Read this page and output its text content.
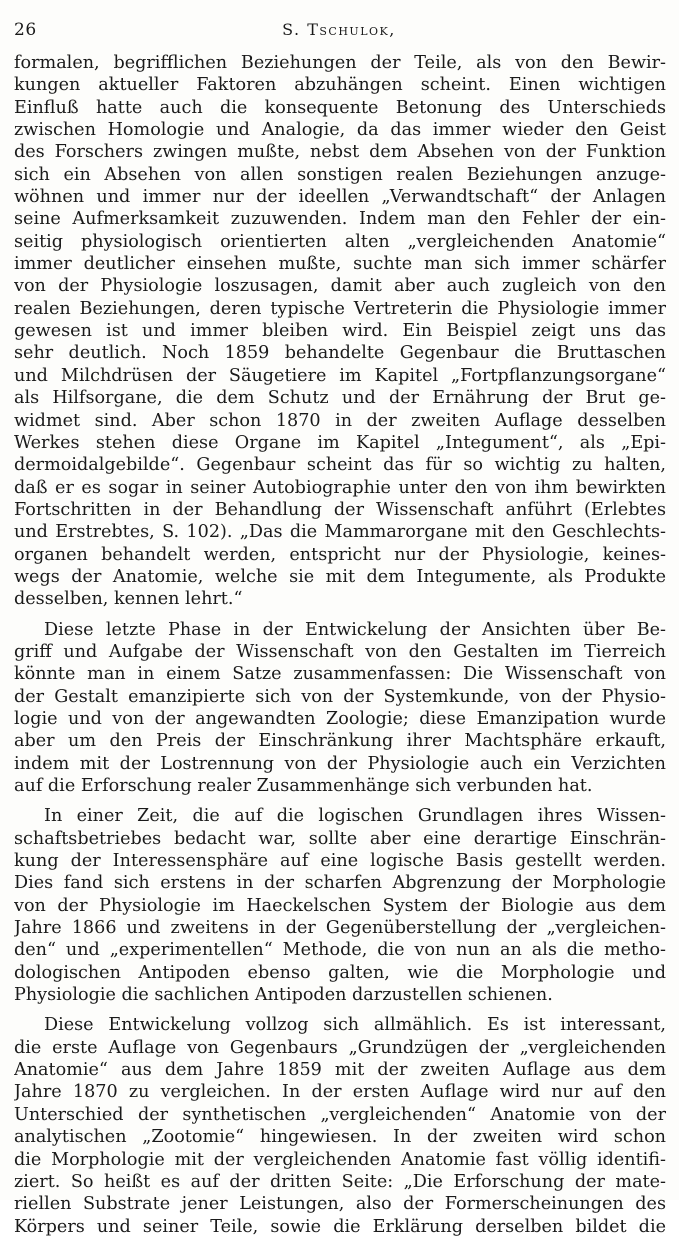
26	S. Tschulok,
formalen, begrifflichen Beziehungen der Teile, als von den Bewir-
kungen aktueller Faktoren abzuhängen scheint. Einen wichtigen
Einfluß hatte auch die konsequente Betonung des Unterschieds
zwischen Homologie und Analogie, da das immer wieder den Geist
des Forschers zwingen mußte, nebst dem Absehen von der Funktion
sich ein Absehen von allen sonstigen realen Beziehungen anzuge-
wöhnen und immer nur der ideellen „Verwandtschaft“ der Anlagen
seine Aufmerksamkeit zuzuwenden. Indem man den Fehler der ein-
seitig physiologisch orientierten alten „vergleichenden Anatomie“
immer deutlicher einsehen mußte, suchte man sich immer schärfer
von der Physiologie loszusagen, damit aber auch zugleich von den
realen Beziehungen, deren typische Vertreterin die Physiologie immer
gewesen ist und immer bleiben wird. Ein Beispiel zeigt uns das
sehr deutlich. Noch 1859 behandelte Gegenbaur die Bruttaschen
und Milchdrüsen der Säugetiere im Kapitel „Fortpflanzungsorgane“
als Hilfsorgane, die dem Schutz und der Ernährung der Brut ge-
widmet sind. Aber schon 1870 in der zweiten Auflage desselben
Werkes stehen diese Organe im Kapitel „Integument“, als „Epi-
dermoidalgebilde“. Gegenbaur scheint das für so wichtig zu halten,
daß er es sogar in seiner Autobiographie unter den von ihm bewirkten
Fortschritten in der Behandlung der Wissenschaft anführt (Erlebtes
und Erstrebtes, S. 102). „Das die Mammarorgane mit den Geschlechts-
organen behandelt werden, entspricht nur der Physiologie, keines-
wegs der Anatomie, welche sie mit dem Integumente, als Produkte
desselben, kennen lehrt.“
Diese letzte Phase in der Entwickelung der Ansichten über Be-
griff und Aufgabe der Wissenschaft von den Gestalten im Tierreich
könnte man in einem Satze zusammenfassen: Die Wissenschaft von
der Gestalt emanzipierte sich von der Systemkunde, von der Physio-
logie und von der angewandten Zoologie; diese Emanzipation wurde
aber um den Preis der Einschränkung ihrer Machtsphäre erkauft,
indem mit der Lostrennung von der Physiologie auch ein Verzichten
auf die Erforschung realer Zusammenhänge sich verbunden hat.
In einer Zeit, die auf die logischen Grundlagen ihres Wissen-
schaftsbetriebes bedacht war, sollte aber eine derartige Einschrän-
kung der Interessensphäre auf eine logische Basis gestellt werden.
Dies fand sich erstens in der scharfen Abgrenzung der Morphologie
von der Physiologie im Haeckelschen System der Biologie aus dem
Jahre 1866 und zweitens in der Gegenüberstellung der „vergleichen-
den“ und „experimentellen“ Methode, die von nun an als die metho-
dologischen Antipoden ebenso galten, wie die Morphologie und
Physiologie die sachlichen Antipoden darzustellen schienen.
Diese Entwickelung vollzog sich allmählich. Es ist interessant,
die erste Auflage von Gegenbaurs „Grundzügen der „vergleichenden
Anatomie“ aus dem Jahre 1859 mit der zweiten Auflage aus dem
Jahre 1870 zu vergleichen. In der ersten Auflage wird nur auf den
Unterschied der synthetischen „vergleichenden“ Anatomie von der
analytischen „Zootomie“ hingewiesen. In der zweiten wird schon
die Morphologie mit der vergleichenden Anatomie fast völlig identifi-
ziert. So heißt es auf der dritten Seite: „Die Erforschung der mate-
riellen Substrate jener Leistungen, also der Formerscheinungen des
Körpers und seiner Teile, sowie die Erklärung derselben bildet die
